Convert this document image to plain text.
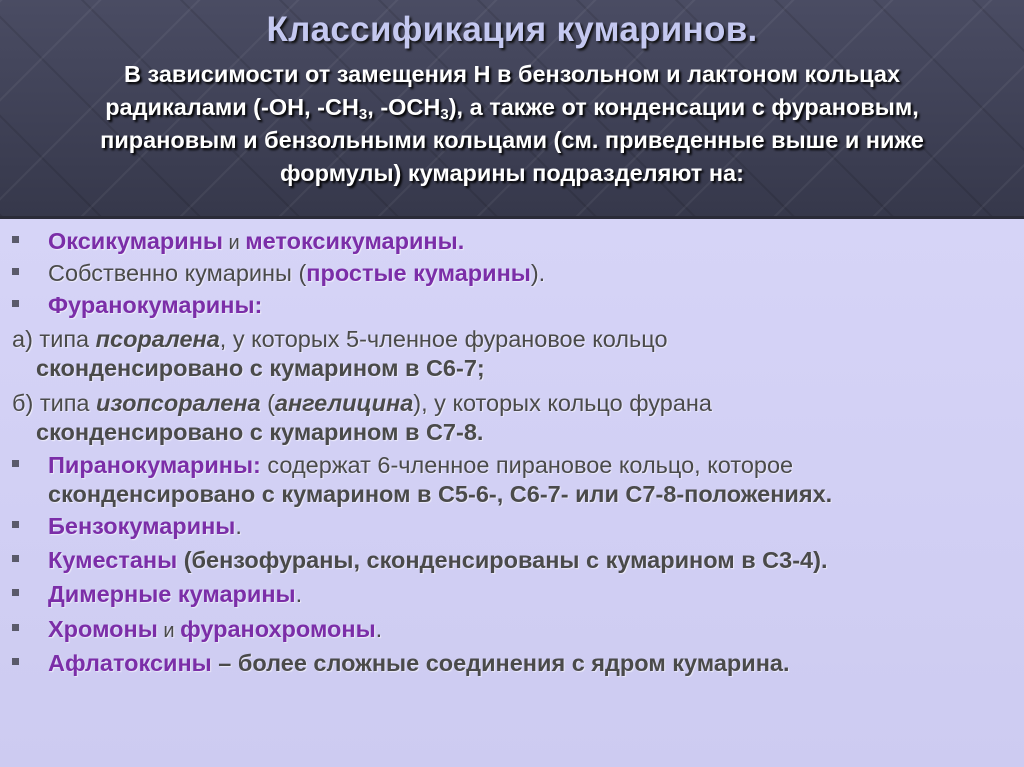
Классификация кумаринов.
В зависимости от замещения Н в бензольном и лактоном кольцах
радикалами (-ОН, $-СН_3$, $-ОСН_3$), а также от конденсации с фурановым,
пирановым и бензольными кольцами (см. приведенные выше и ниже
формулы) кумарины подразделяют на:
Оксикумарины и метоксикумарины.
Собственно кумарины (простые кумарины).
Фуранокумарины:
а) типа псоралена, у которых 5-членное фурановое кольцо
сконденсировано с кумарином в С6-7;
б) типа изопсоралена (ангелицина), у которых кольцо фурана
сконденсировано с кумарином в С7-8.
Пиранокумарины: содержат 6-членное пирановое кольцо, которое
сконденсировано с кумарином в С5-6-, С6-7- или С7-8-положениях.
Бензокумарины.
Куместаны (бензофураны, сконденсированы с кумарином в С3-4).
Димерные кумарины.
Хромоны и фуранохромоны.
Афлатоксины – более сложные соединения с ядром кумарина.
